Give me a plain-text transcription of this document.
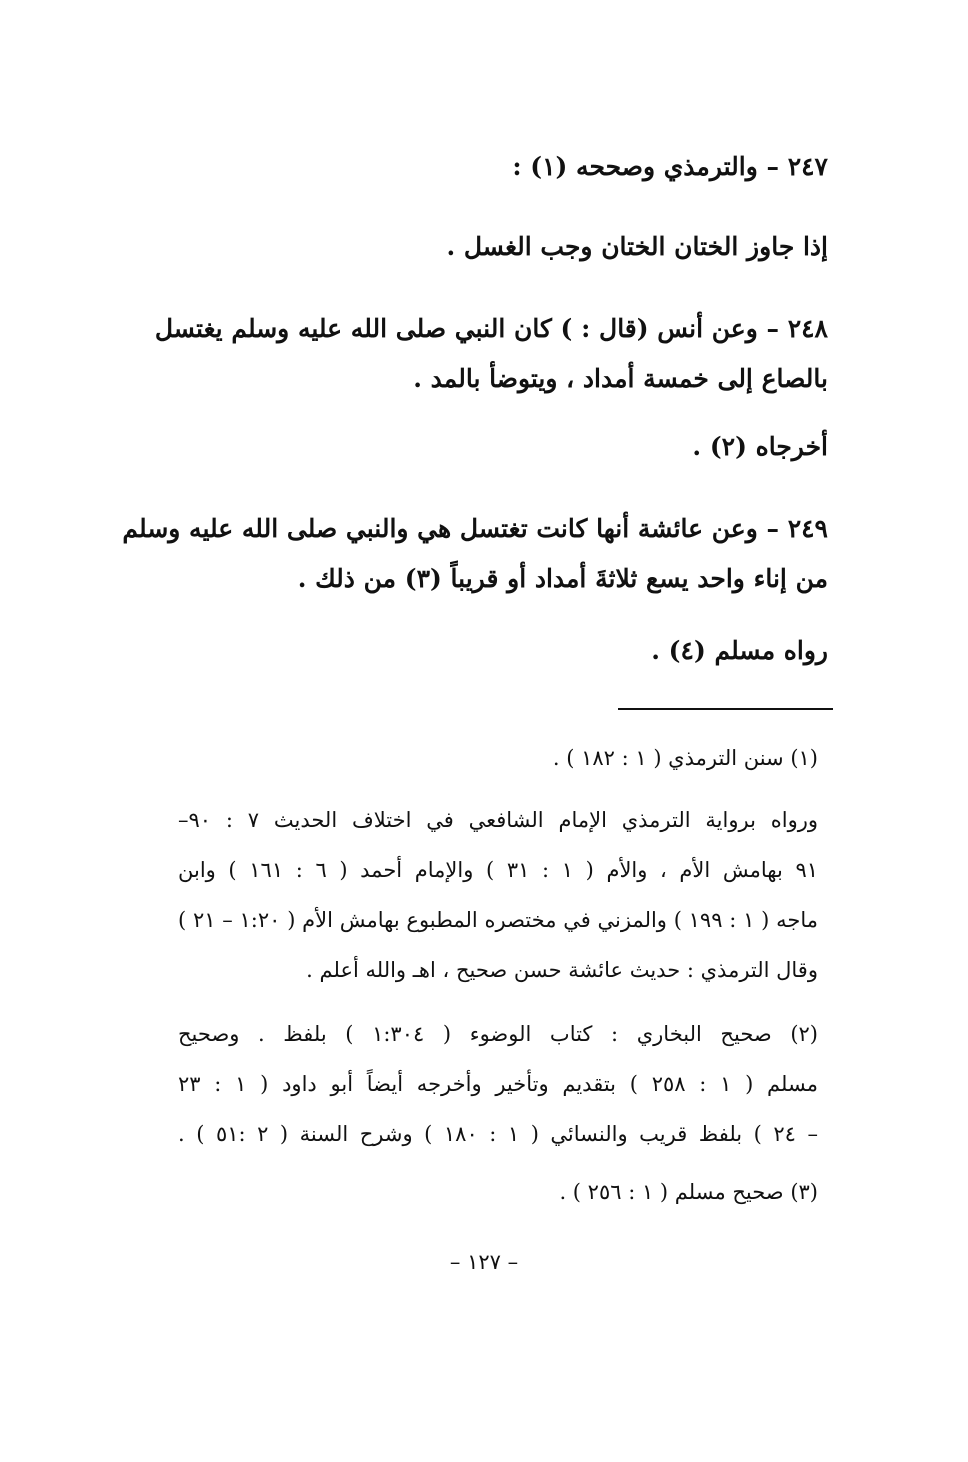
٢٤٧ – والترمذي وصححه (١) :
إذا جاوز الختان الختان وجب الغسل .
٢٤٨ – وعن أنس (قال : ) كان النبي صلى الله عليه وسلم يغتسل
بالصاع إلى خمسة أمداد ، ويتوضأ بالمد .
أخرجاه (٢) .
٢٤٩ – وعن عائشة أنها كانت تغتسل هي والنبي صلى الله عليه وسلم
من إناء واحد يسع ثلاثةَ أمداد أو قريباً (٣) من ذلك .
رواه مسلم (٤) .
(١) سنن الترمذي ( ١ : ١٨٢ ) .
ورواه برواية الترمذي الإمام الشافعي في اختلاف الحديث ٧ : ٩٠–
٩١ بهامش الأم ، والأم ( ١ : ٣١ ) والإمام أحمد ( ٦ : ١٦١ ) وابن
ماجه ( ١ : ١٩٩ ) والمزني في مختصره المطبوع بهامش الأم ( ١:٢٠ – ٢١ )
وقال الترمذي : حديث عائشة حسن صحيح ، اهـ والله أعلم .
(٢) صحيح البخاري : كتاب الوضوء ( ١:٣٠٤ ) بلفظ . وصحيح
مسلم ( ١ : ٢٥٨ ) بتقديم وتأخير وأخرجه أيضاً أبو داود ( ١ : ٢٣
– ٢٤ ) بلفظ قريب والنسائي ( ١ : ١٨٠ ) وشرح السنة ( ٢ :٥١ ) .
(٣) صحيح مسلم ( ١ : ٢٥٦ ) .
– ١٢٧ –
